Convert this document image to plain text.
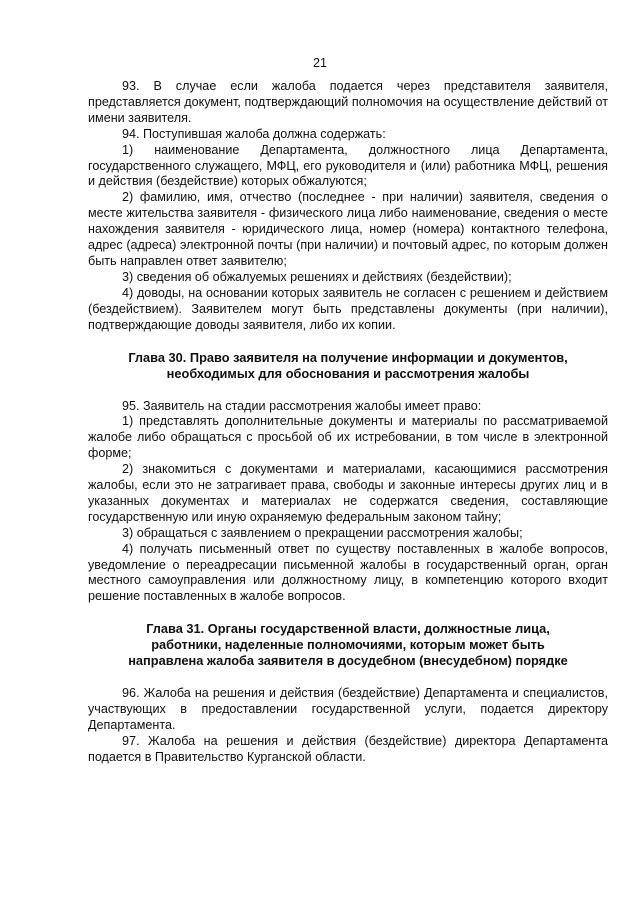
21

93. В случае если жалоба подается через представителя заявителя, представляется документ, подтверждающий полномочия на осуществление действий от имени заявителя.

94. Поступившая жалоба должна содержать:

1) наименование Департамента, должностного лица Департамента, государственного служащего, МФЦ, его руководителя и (или) работника МФЦ, решения и действия (бездействие) которых обжалуются;

2) фамилию, имя, отчество (последнее - при наличии) заявителя, сведения о месте жительства заявителя - физического лица либо наименование, сведения о месте нахождения заявителя - юридического лица, номер (номера) контактного телефона, адрес (адреса) электронной почты (при наличии) и почтовый адрес, по которым должен быть направлен ответ заявителю;

3) сведения об обжалуемых решениях и действиях (бездействии);

4) доводы, на основании которых заявитель не согласен с решением и действием (бездействием). Заявителем могут быть представлены документы (при наличии), подтверждающие доводы заявителя, либо их копии.

Глава 30. Право заявителя на получение информации и документов,
необходимых для обоснования и рассмотрения жалобы

95. Заявитель на стадии рассмотрения жалобы имеет право:

1) представлять дополнительные документы и материалы по рассматриваемой жалобе либо обращаться с просьбой об их истребовании, в том числе в электронной форме;

2) знакомиться с документами и материалами, касающимися рассмотрения жалобы, если это не затрагивает права, свободы и законные интересы других лиц и в указанных документах и материалах не содержатся сведения, составляющие государственную или иную охраняемую федеральным законом тайну;

3) обращаться с заявлением о прекращении рассмотрения жалобы;

4) получать письменный ответ по существу поставленных в жалобе вопросов, уведомление о переадресации письменной жалобы в государственный орган, орган местного самоуправления или должностному лицу, в компетенцию которого входит решение поставленных в жалобе вопросов.

Глава 31. Органы государственной власти, должностные лица,
работники, наделенные полномочиями, которым может быть
направлена жалоба заявителя в досудебном (внесудебном) порядке

96. Жалоба на решения и действия (бездействие) Департамента и специалистов, участвующих в предоставлении государственной услуги, подается директору Департамента.

97. Жалоба на решения и действия (бездействие) директора Департамента подается в Правительство Курганской области.
